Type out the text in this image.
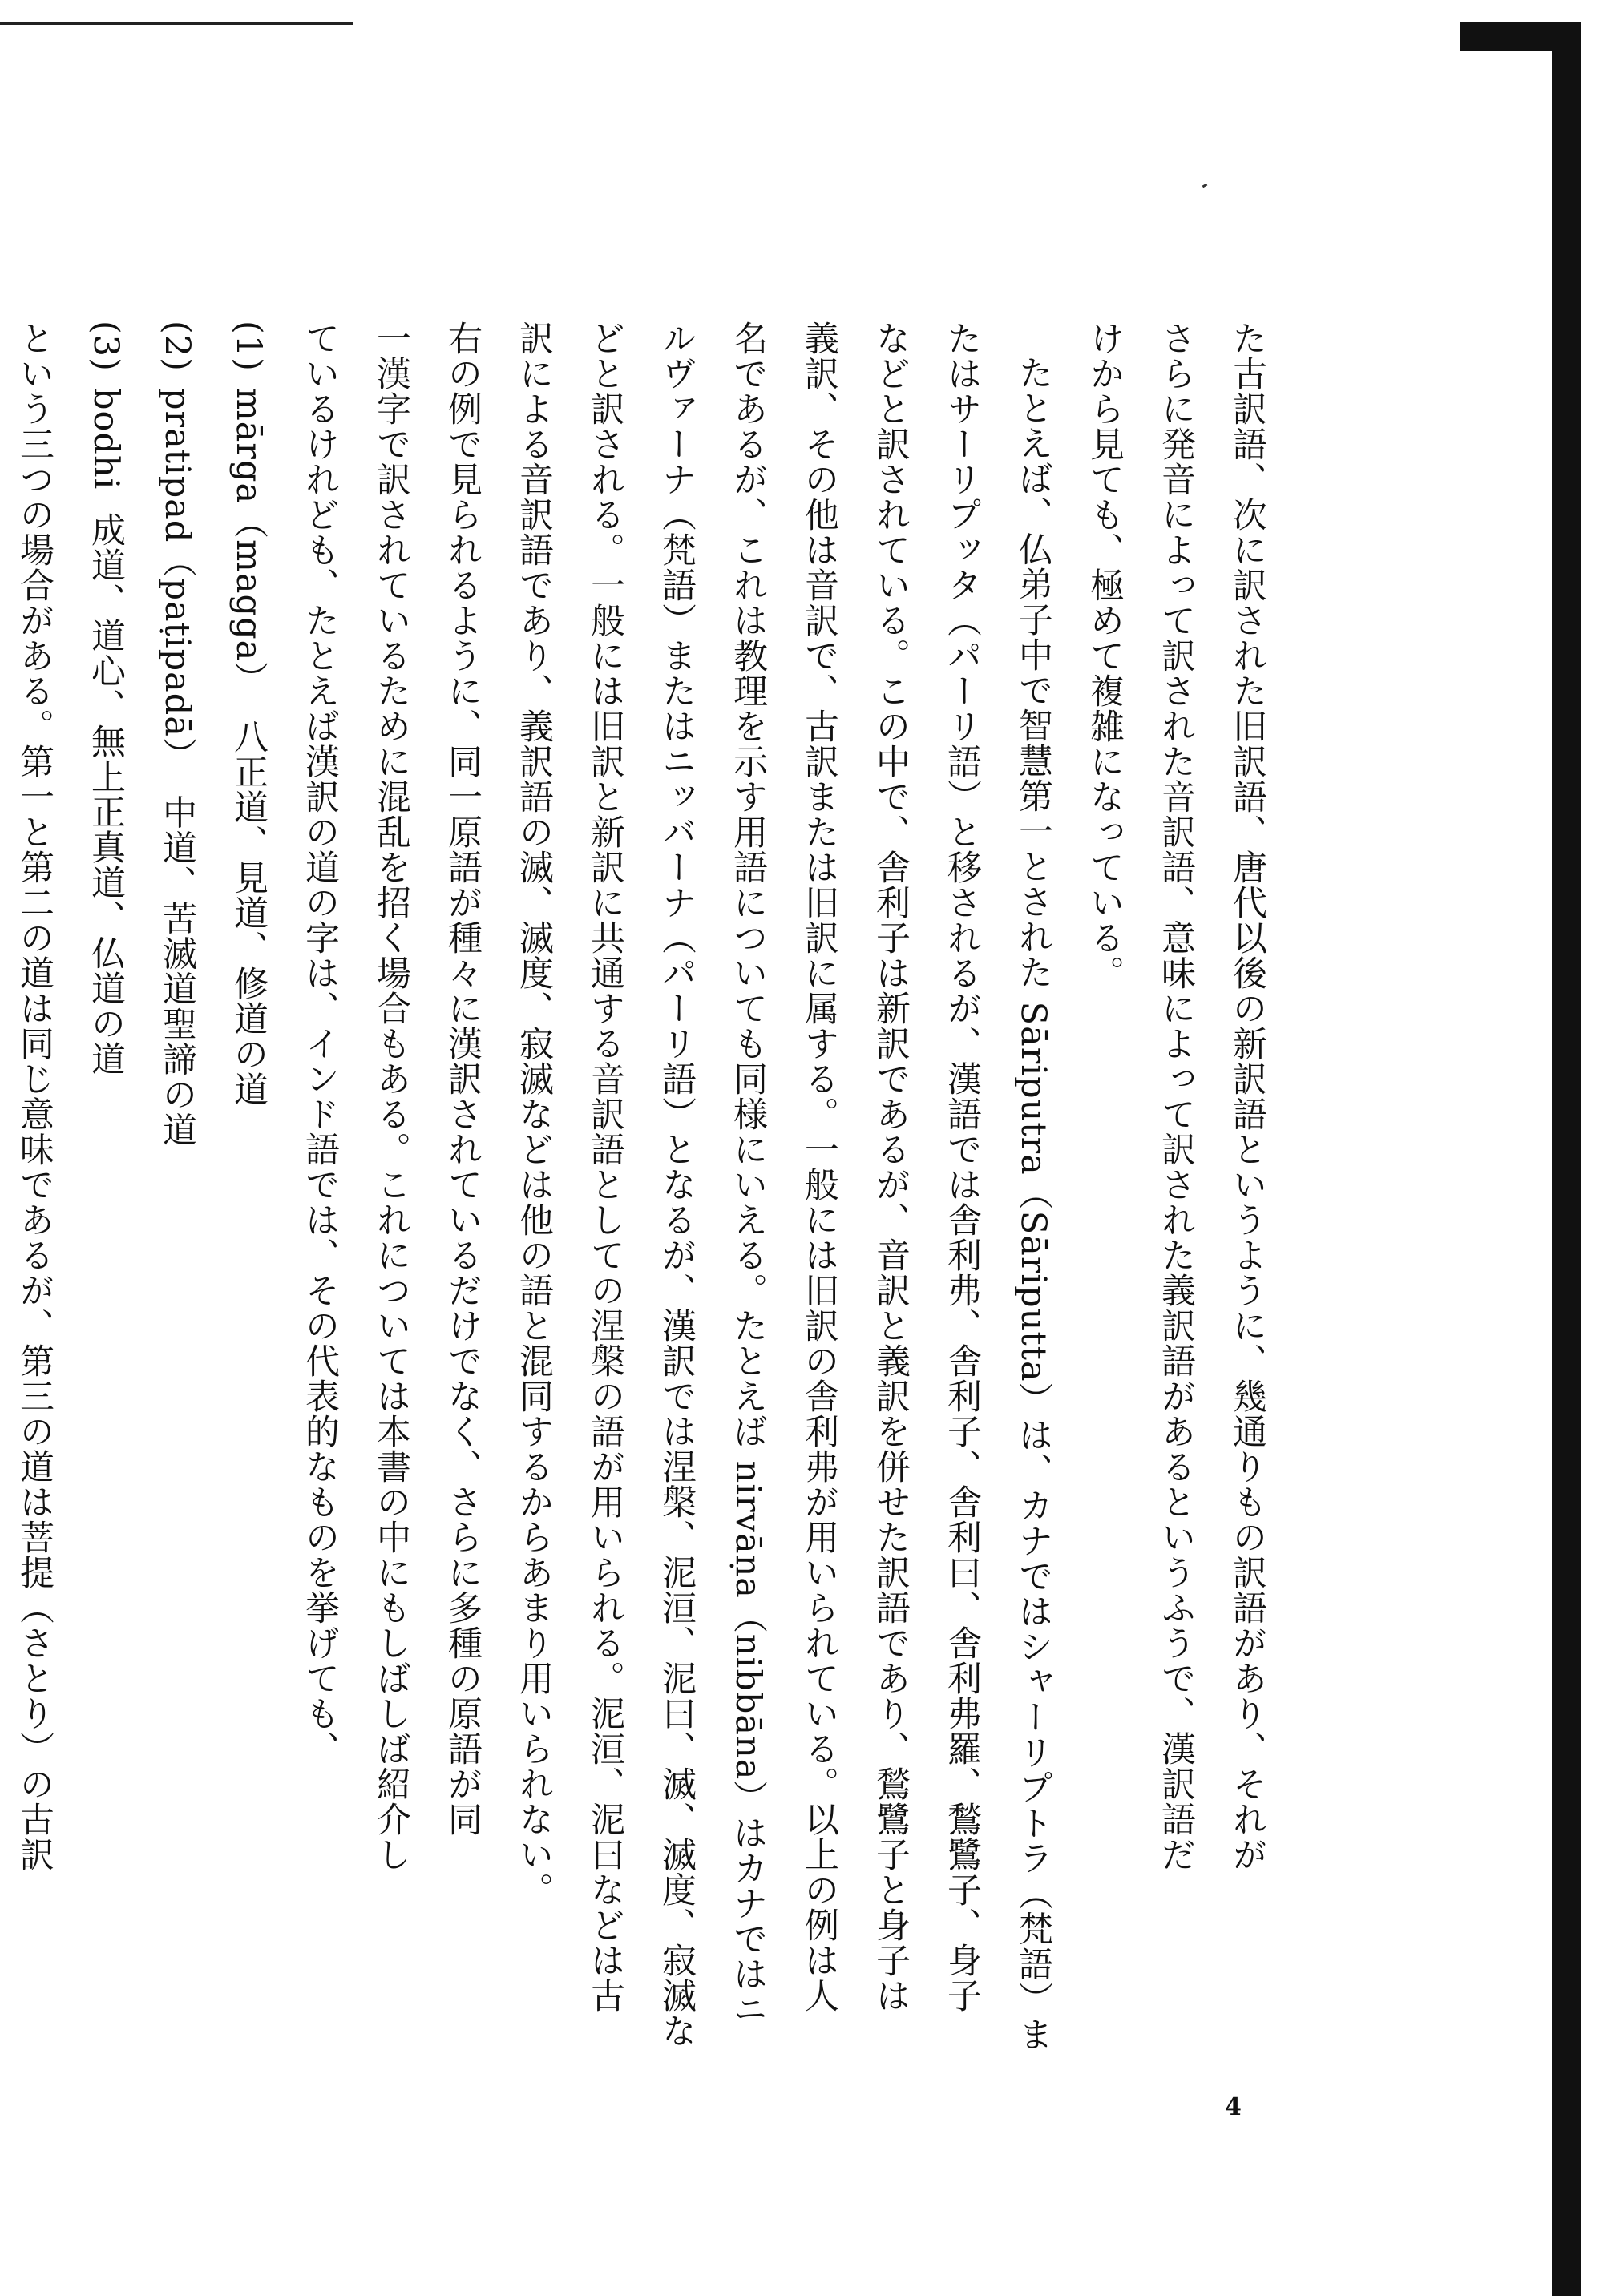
た古訳語、次に訳された旧訳語、唐代以後の新訳語というように、幾通りもの訳語があり、それが

さらに発音によって訳された音訳語、意味によって訳された義訳語があるというふうで、漢訳語だ

けから見ても、極めて複雑になっている。

たとえば、仏弟子中で智慧第一とされた Sāriputra（Sāriputta）は、カナではシャーリプトラ（梵語）ま

たはサーリプッタ（パーリ語）と移されるが、漢語では舎利弗、舎利子、舎利曰、舎利弗羅、鶖鷺子、身子

などと訳されている。この中で、舎利子は新訳であるが、音訳と義訳を併せた訳語であり、鶖鷺子と身子は

義訳、その他は音訳で、古訳または旧訳に属する。一般には旧訳の舎利弗が用いられている。以上の例は人

名であるが、これは教理を示す用語についても同様にいえる。たとえば nirvāṇa（nibbāna）はカナではニ

ルヴァーナ（梵語）またはニッバーナ（パーリ語）となるが、漢訳では涅槃、泥洹、泥曰、滅、滅度、寂滅な

どと訳される。一般には旧訳と新訳に共通する音訳語としての涅槃の語が用いられる。泥洹、泥曰などは古

訳による音訳語であり、義訳語の滅、滅度、寂滅などは他の語と混同するからあまり用いられない。

右の例で見られるように、同一原語が種々に漢訳されているだけでなく、さらに多種の原語が同

一漢字で訳されているために混乱を招く場合もある。これについては本書の中にもしばしば紹介し

ているけれども、たとえば漢訳の道の字は、インド語では、その代表的なものを挙げても、

(1)mārga（magga）八正道、見道、修道の道

(2)pratipad（paṭipadā）中道、苦滅道聖諦の道

(3)bodhi成道、道心、無上正真道、仏道の道

という三つの場合がある。第一と第二の道は同じ意味であるが、第三の道は菩提（さとり）の古訳

4
